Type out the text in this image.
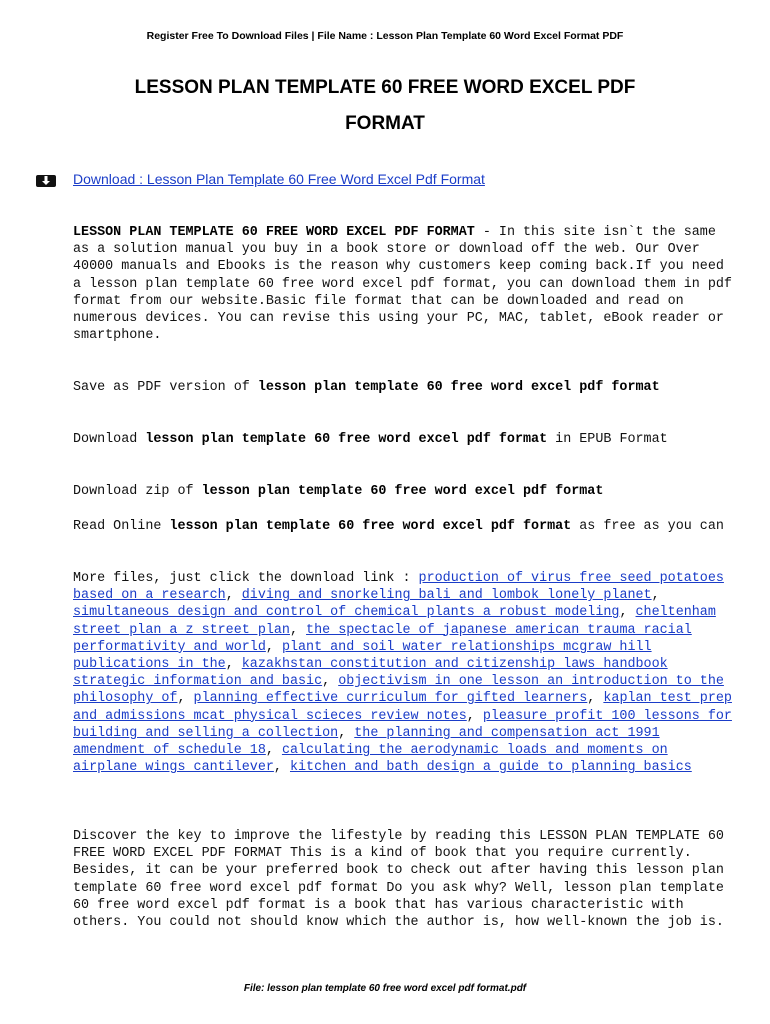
Register Free To Download Files | File Name : Lesson Plan Template 60 Word Excel Format PDF
LESSON PLAN TEMPLATE 60 FREE WORD EXCEL PDF
FORMAT
Download : Lesson Plan Template 60 Free Word Excel Pdf Format

LESSON PLAN TEMPLATE 60 FREE WORD EXCEL PDF FORMAT - In this site isn`t the same as a solution manual you buy in a book store or download off the web. Our Over 40000 manuals and Ebooks is the reason why customers keep coming back.If you need a lesson plan template 60 free word excel pdf format, you can download them in pdf format from our website.Basic file format that can be downloaded and read on numerous devices. You can revise this using your PC, MAC, tablet, eBook reader or smartphone.

Save as PDF version of lesson plan template 60 free word excel pdf format

Download lesson plan template 60 free word excel pdf format in EPUB Format

Download zip of lesson plan template 60 free word excel pdf format

Read Online lesson plan template 60 free word excel pdf format as free as you can

More files, just click the download link : production of virus free seed potatoes based on a research, diving and snorkeling bali and lombok lonely planet, simultaneous design and control of chemical plants a robust modeling, cheltenham street plan a z street plan, the spectacle of japanese american trauma racial performativity and world, plant and soil water relationships mcgraw hill publications in the, kazakhstan constitution and citizenship laws handbook strategic information and basic, objectivism in one lesson an introduction to the philosophy of, planning effective curriculum for gifted learners, kaplan test prep and admissions mcat physical scieces review notes, pleasure profit 100 lessons for building and selling a collection, the planning and compensation act 1991 amendment of schedule 18, calculating the aerodynamic loads and moments on airplane wings cantilever, kitchen and bath design a guide to planning basics

Discover the key to improve the lifestyle by reading this LESSON PLAN TEMPLATE 60 FREE WORD EXCEL PDF FORMAT This is a kind of book that you require currently. Besides, it can be your preferred book to check out after having this lesson plan template 60 free word excel pdf format Do you ask why? Well, lesson plan template 60 free word excel pdf format is a book that has various characteristic with others. You could not should know which the author is, how well-known the job is.

File: lesson plan template 60 free word excel pdf format.pdf
